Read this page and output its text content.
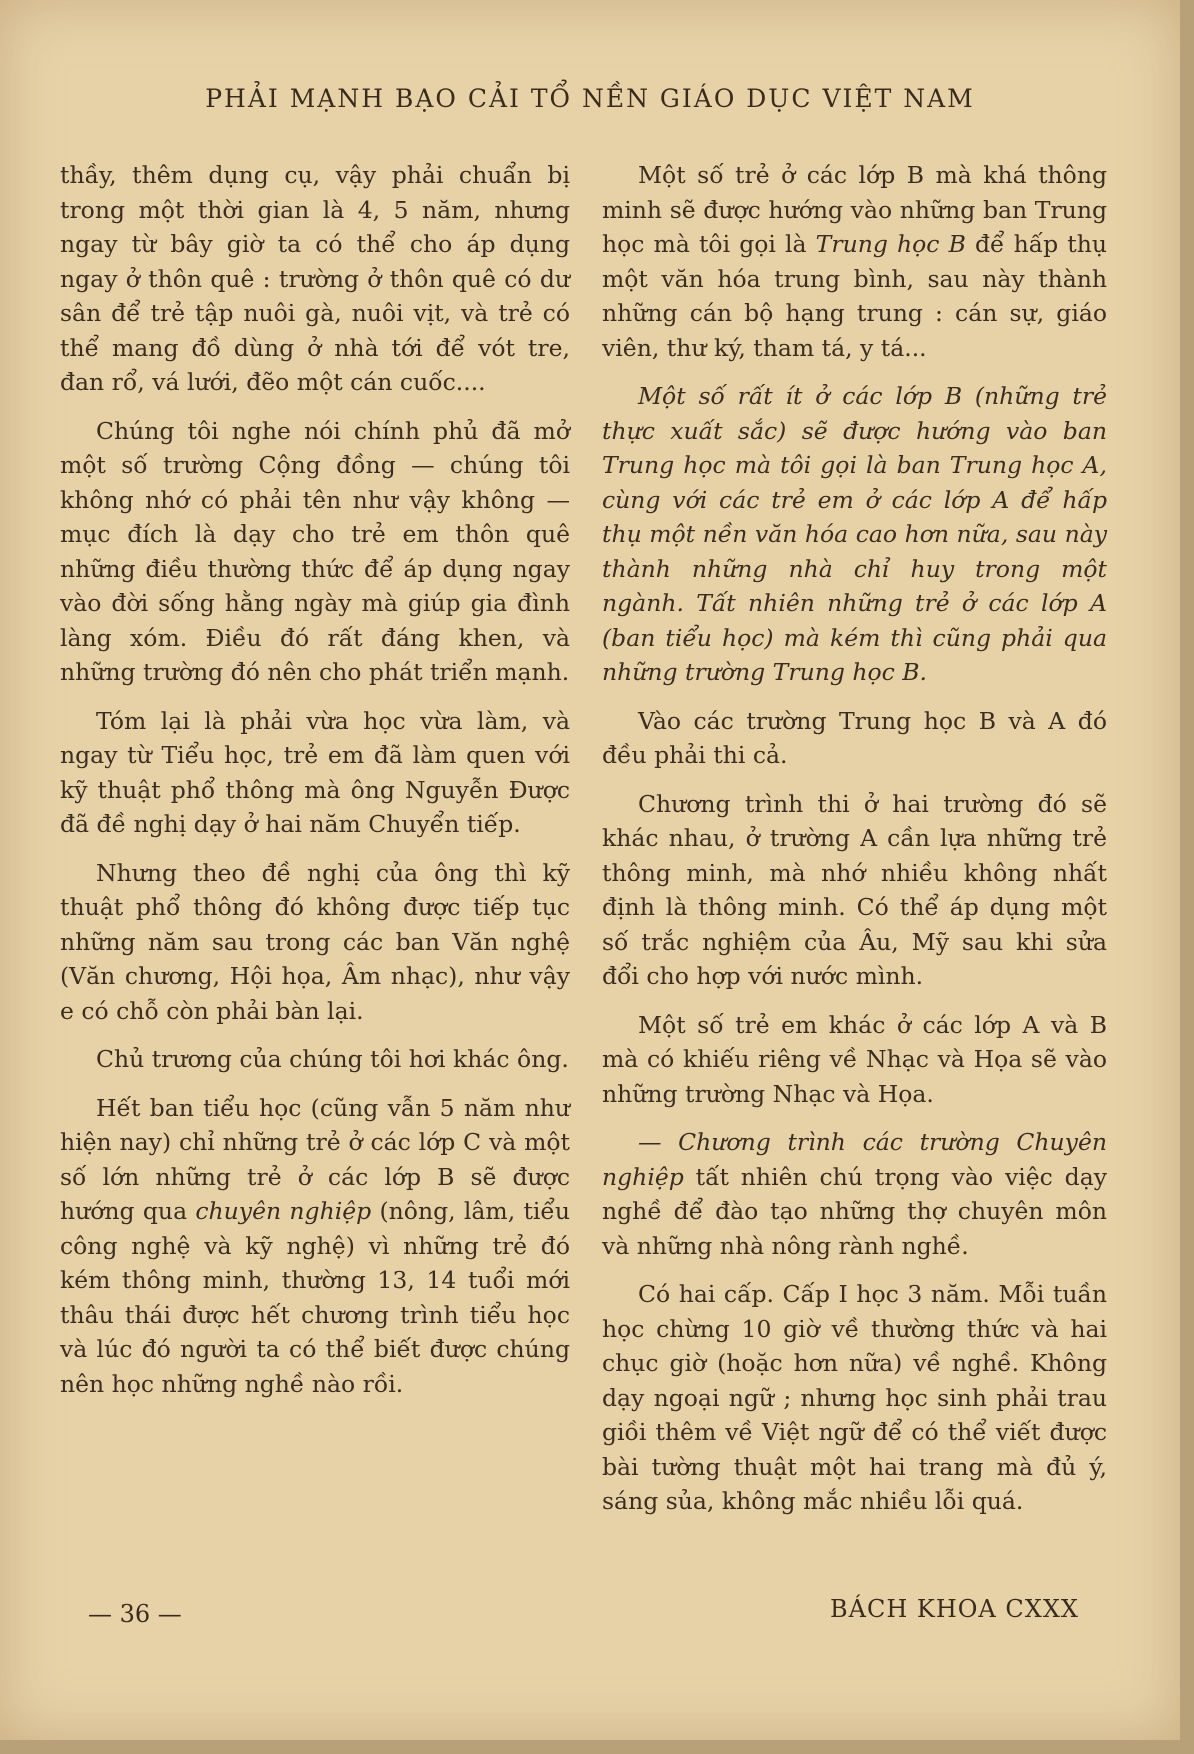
PHẢI MẠNH BẠO CẢI TỔ NỀN GIÁO DỤC VIỆT NAM

thầy, thêm dụng cụ, vậy phải chuẩn bị trong một thời gian là 4, 5 năm, nhưng ngay từ bây giờ ta có thể cho áp dụng ngay ở thôn quê : trường ở thôn quê có dư sân để trẻ tập nuôi gà, nuôi vịt, và trẻ có thể mang đồ dùng ở nhà tới để vót tre, đan rổ, vá lưới, đẽo một cán cuốc....

Chúng tôi nghe nói chính phủ đã mở một số trường Cộng đồng — chúng tôi không nhớ có phải tên như vậy không — mục đích là dạy cho trẻ em thôn quê những điều thường thức để áp dụng ngay vào đời sống hằng ngày mà giúp gia đình làng xóm. Điều đó rất đáng khen, và những trường đó nên cho phát triển mạnh.

Tóm lại là phải vừa học vừa làm, và ngay từ Tiểu học, trẻ em đã làm quen với kỹ thuật phổ thông mà ông Nguyễn Được đã đề nghị dạy ở hai năm Chuyển tiếp.

Nhưng theo đề nghị của ông thì kỹ thuật phổ thông đó không được tiếp tục những năm sau trong các ban Văn nghệ (Văn chương, Hội họa, Âm nhạc), như vậy e có chỗ còn phải bàn lại.

Chủ trương của chúng tôi hơi khác ông.

Hết ban tiểu học (cũng vẫn 5 năm như hiện nay) chỉ những trẻ ở các lớp C và một số lớn những trẻ ở các lớp B sẽ được hướng qua chuyên nghiệp (nông, lâm, tiểu công nghệ và kỹ nghệ) vì những trẻ đó kém thông minh, thường 13, 14 tuổi mới thâu thái được hết chương trình tiểu học và lúc đó người ta có thể biết được chúng nên học những nghề nào rồi.

Một số trẻ ở các lớp B mà khá thông minh sẽ được hướng vào những ban Trung học mà tôi gọi là Trung học B để hấp thụ một văn hóa trung bình, sau này thành những cán bộ hạng trung : cán sự, giáo viên, thư ký, tham tá, y tá...

Một số rất ít ở các lớp B (những trẻ thực xuất sắc) sẽ được hướng vào ban Trung học mà tôi gọi là ban Trung học A, cùng với các trẻ em ở các lớp A để hấp thụ một nền văn hóa cao hơn nữa, sau này thành những nhà chỉ huy trong một ngành. Tất nhiên những trẻ ở các lớp A (ban tiểu học) mà kém thì cũng phải qua những trường Trung học B.

Vào các trường Trung học B và A đó đều phải thi cả.

Chương trình thi ở hai trường đó sẽ khác nhau, ở trường A cần lựa những trẻ thông minh, mà nhớ nhiều không nhất định là thông minh. Có thể áp dụng một số trắc nghiệm của Âu, Mỹ sau khi sửa đổi cho hợp với nước mình.

Một số trẻ em khác ở các lớp A và B mà có khiếu riêng về Nhạc và Họa sẽ vào những trường Nhạc và Họa.

— Chương trình các trường Chuyên nghiệp tất nhiên chú trọng vào việc dạy nghề để đào tạo những thợ chuyên môn và những nhà nông rành nghề.

Có hai cấp. Cấp I học 3 năm. Mỗi tuần học chừng 10 giờ về thường thức và hai chục giờ (hoặc hơn nữa) về nghề. Không dạy ngoại ngữ ; nhưng học sinh phải trau giồi thêm về Việt ngữ để có thể viết được bài tường thuật một hai trang mà đủ ý, sáng sủa, không mắc nhiều lỗi quá.

— 36 —	BÁCH KHOA CXXX
